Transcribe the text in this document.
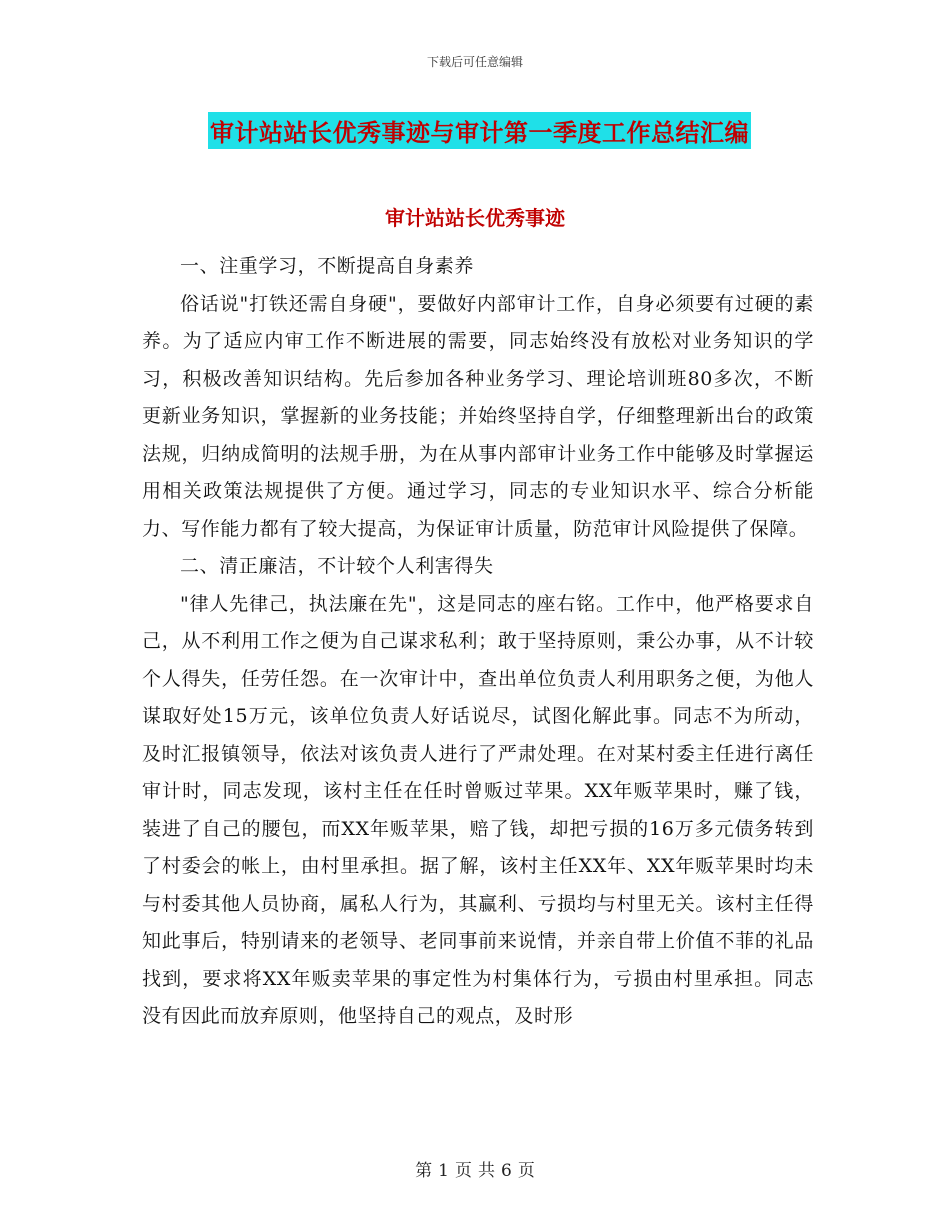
下载后可任意编辑
审计站站长优秀事迹与审计第一季度工作总结汇编
审计站站长优秀事迹

一、注重学习，不断提高自身素养

俗话说"打铁还需自身硬"，要做好内部审计工作，自身必须要有过硬的素养。为了适应内审工作不断进展的需要，同志始终没有放松对业务知识的学习，积极改善知识结构。先后参加各种业务学习、理论培训班80多次，不断更新业务知识，掌握新的业务技能；并始终坚持自学，仔细整理新出台的政策法规，归纳成简明的法规手册，为在从事内部审计业务工作中能够及时掌握运用相关政策法规提供了方便。通过学习，同志的专业知识水平、综合分析能力、写作能力都有了较大提高，为保证审计质量，防范审计风险提供了保障。

二、清正廉洁，不计较个人利害得失

"律人先律己，执法廉在先"，这是同志的座右铭。工作中，他严格要求自己，从不利用工作之便为自己谋求私利；敢于坚持原则，秉公办事，从不计较个人得失，任劳任怨。在一次审计中，查出单位负责人利用职务之便，为他人谋取好处15万元，该单位负责人好话说尽，试图化解此事。同志不为所动，及时汇报镇领导，依法对该负责人进行了严肃处理。在对某村委主任进行离任审计时，同志发现，该村主任在任时曾贩过苹果。XX年贩苹果时，赚了钱，装进了自己的腰包，而XX年贩苹果，赔了钱，却把亏损的16万多元债务转到了村委会的帐上，由村里承担。据了解，该村主任XX年、XX年贩苹果时均未与村委其他人员协商，属私人行为，其赢利、亏损均与村里无关。该村主任得知此事后，特别请来的老领导、老同事前来说情，并亲自带上价值不菲的礼品找到，要求将XX年贩卖苹果的事定性为村集体行为，亏损由村里承担。同志没有因此而放弃原则，他坚持自己的观点，及时形

第 1 页 共 6 页
